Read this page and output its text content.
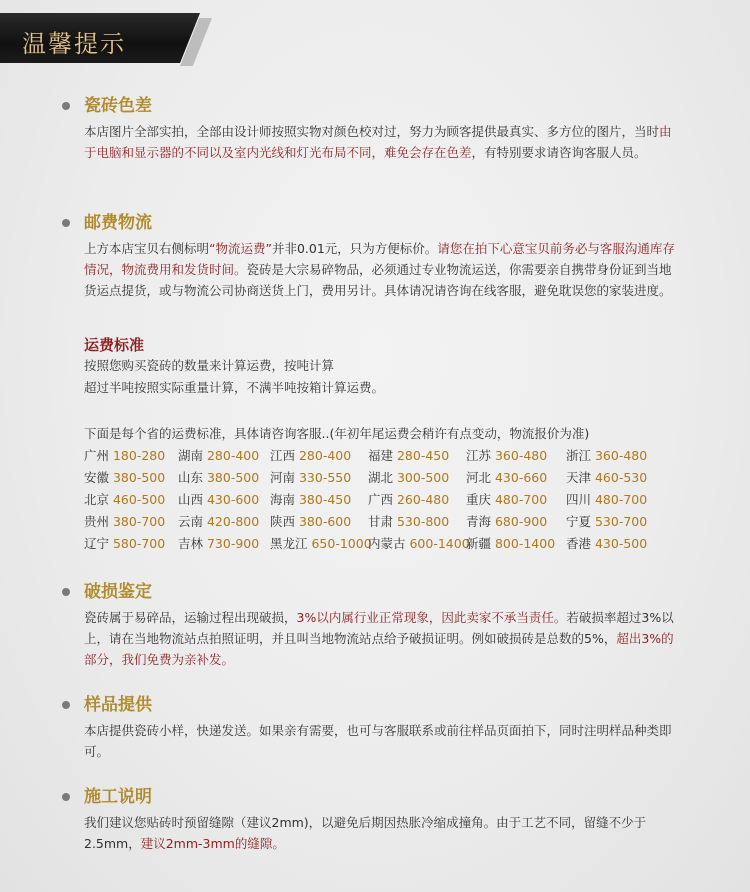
温馨提示
瓷砖色差
本店图片全部实拍，全部由设计师按照实物对颜色校对过，努力为顾客提供最真实、多方位的图片，当时由于电脑和显示器的不同以及室内光线和灯光布局不同，难免会存在色差，有特别要求请咨询客服人员。
邮费物流
上方本店宝贝右侧标明“物流运费”并非0.01元，只为方便标价。请您在拍下心意宝贝前务必与客服沟通库存情况，物流费用和发货时间。瓷砖是大宗易碎物品，必须通过专业物流运送，你需要亲自携带身份证到当地货运点提货，或与物流公司协商送货上门，费用另计。具体请况请咨询在线客服，避免耽误您的家装进度。
运费标准
按照您购买瓷砖的数量来计算运费，按吨计算
超过半吨按照实际重量计算，不满半吨按箱计算运费。
下面是每个省的运费标准，具体请咨询客服..(年初年尾运费会稍许有点变动，物流报价为准)
广州 180-280 湖南 280-400 江西 280-400 福建 280-450 江苏 360-480 浙江 360-480
安徽 380-500 山东 380-500 河南 330-550 湖北 300-500 河北 430-660 天津 460-530
北京 460-500 山西 430-600 海南 380-450 广西 260-480 重庆 480-700 四川 480-700
贵州 380-700 云南 420-800 陕西 380-600 甘肃 530-800 青海 680-900 宁夏 530-700
辽宁 580-700 吉林 730-900 黑龙江 650-1000
内蒙古 600-1400
新疆 800-1400 香港 430-500
破损鉴定
瓷砖属于易碎品，运输过程出现破损，3%以内属行业正常现象，因此卖家不承当责任。若破损率超过3%以上，请在当地物流站点拍照证明，并且叫当地物流站点给予破损证明。例如破损砖是总数的5%，超出3%的部分，我们免费为亲补发。
样品提供
本店提供瓷砖小样，快递发送。如果亲有需要，也可与客服联系或前往样品页面拍下，同时注明样品种类即可。
施工说明
我们建议您贴砖时预留缝隙（建议2mm)，以避免后期因热胀冷缩成撞角。由于工艺不同，留缝不少于2.5mm，建议2mm-3mm的缝隙。
